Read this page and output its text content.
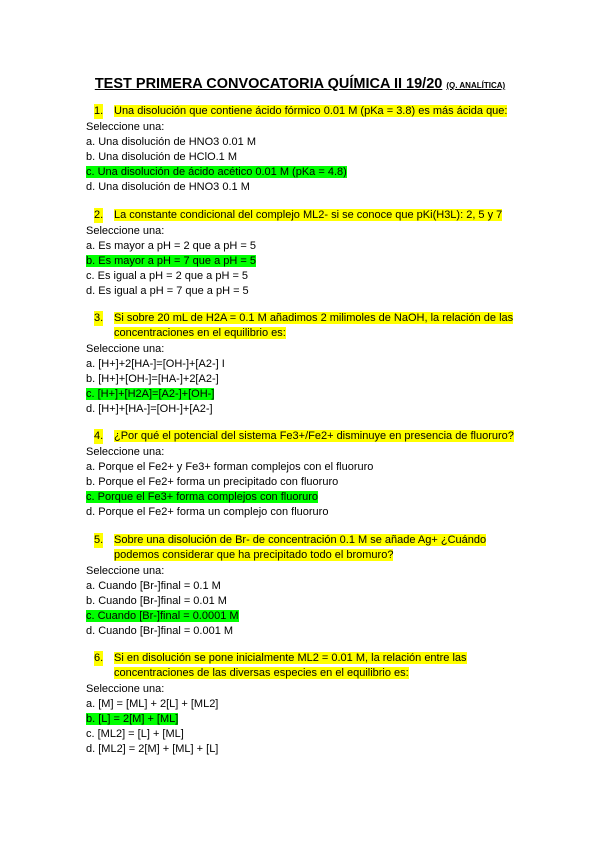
TEST PRIMERA CONVOCATORIA QUÍMICA II 19/20 (Q. ANALÍTICA)
1. Una disolución que contiene ácido fórmico 0.01 M (pKa = 3.8) es más ácida que:
Seleccione una:
a. Una disolución de HNO3 0.01 M
b. Una disolución de HClO.1 M
c. Una disolución de ácido acético 0.01 M (pKa = 4.8)
d. Una disolución de HNO3 0.1 M
2. La constante condicional del complejo ML2- si se conoce que pKi(H3L): 2, 5 y 7
Seleccione una:
a. Es mayor a pH = 2 que a pH = 5
b. Es mayor a pH = 7 que a pH = 5
c. Es igual a pH = 2 que a pH = 5
d. Es igual a pH = 7 que a pH = 5
3. Si sobre 20 mL de H2A = 0.1 M añadimos 2 milimoles de NaOH, la relación de las
concentraciones en el equilibrio es:
Seleccione una:
a. [H+]+2[HA-]=[OH-]+[A2-] I
b. [H+]+[OH-]=[HA-]+2[A2-]
c. [H+]+[H2A]=[A2-]+[OH-]
d. [H+]+[HA-]=[OH-]+[A2-]
4. ¿Por qué el potencial del sistema Fe3+/Fe2+ disminuye en presencia de fluoruro?
Seleccione una:
a. Porque el Fe2+ y Fe3+ forman complejos con el fluoruro
b. Porque el Fe2+ forma un precipitado con fluoruro
c. Porque el Fe3+ forma complejos con fluoruro
d. Porque el Fe2+ forma un complejo con fluoruro
5. Sobre una disolución de Br- de concentración 0.1 M se añade Ag+ ¿Cuándo
podemos considerar que ha precipitado todo el bromuro?
Seleccione una:
a. Cuando [Br-]final = 0.1 M
b. Cuando [Br-]final = 0.01 M
c. Cuando [Br-]final = 0.0001 M
d. Cuando [Br-]final = 0.001 M
6. Si en disolución se pone inicialmente ML2 = 0.01 M, la relación entre las
concentraciones de las diversas especies en el equilibrio es:
Seleccione una:
a. [M] = [ML] + 2[L] + [ML2]
b. [L] = 2[M] + [ML]
c. [ML2] = [L] + [ML]
d. [ML2] = 2[M] + [ML] + [L]
